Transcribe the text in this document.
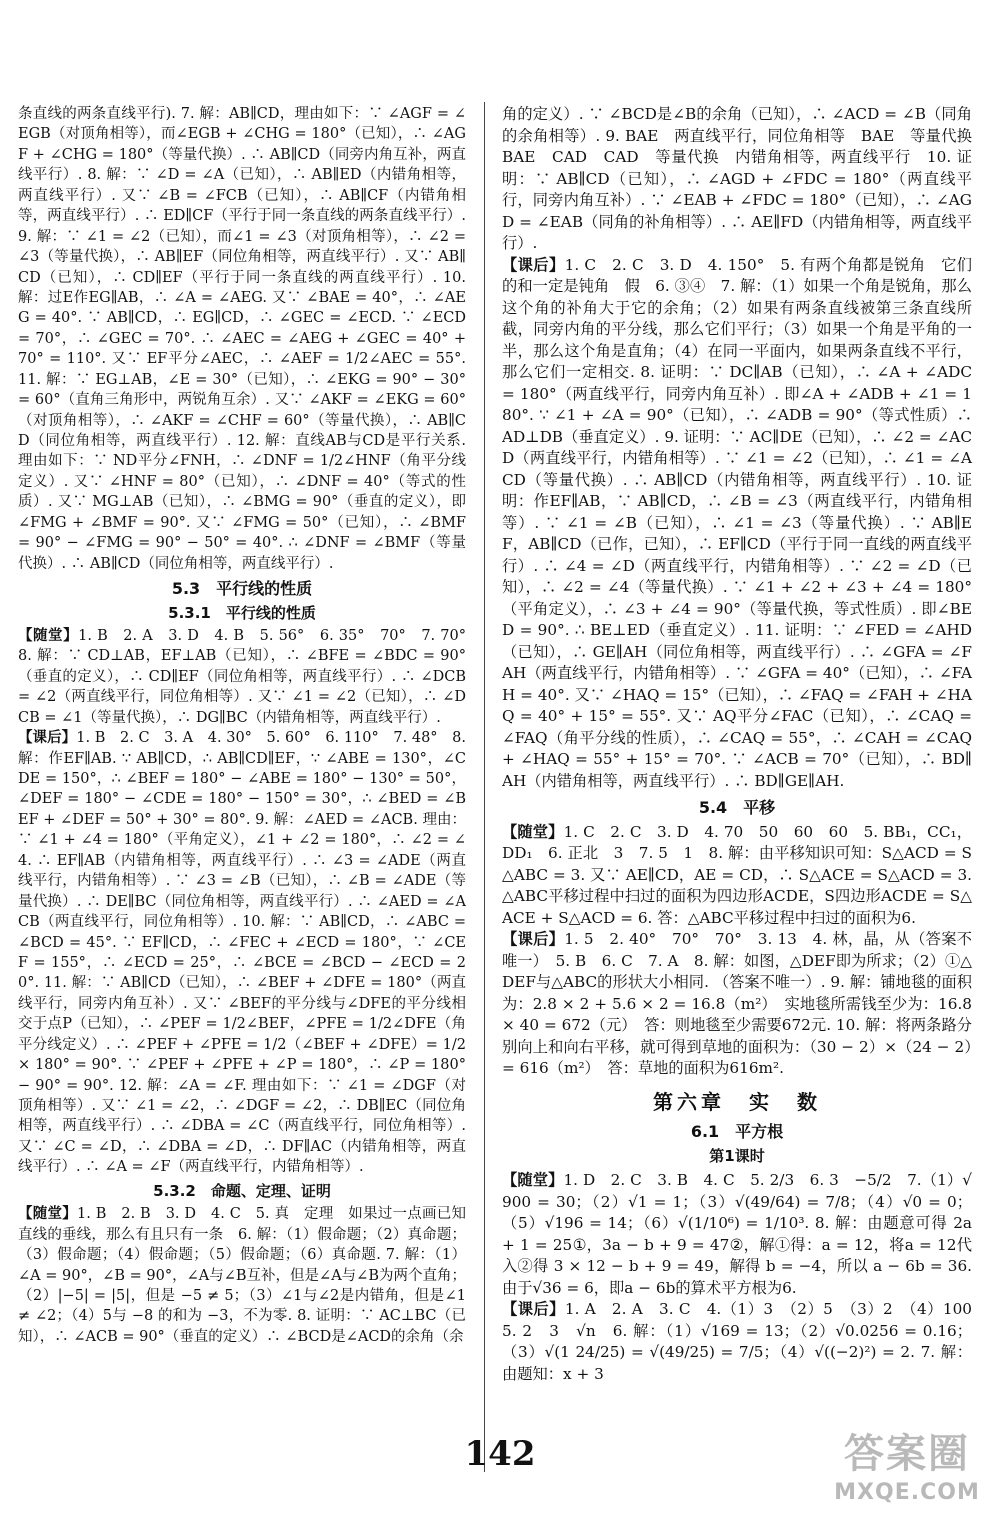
条直线的两条直线平行). 7. 解：AB∥CD，理由如下：∵ ∠AGF = ∠EGB（对顶角相等），而∠EGB + ∠CHG = 180°（已知），∴ ∠AGF + ∠CHG = 180°（等量代换）. ∴ AB∥CD（同旁内角互补，两直线平行）. 8. 解：∵ ∠D = ∠A（已知），∴ AB∥ED（内错角相等，两直线平行）. 又∵ ∠B = ∠FCB（已知），∴ AB∥CF（内错角相等，两直线平行）. ∴ ED∥CF（平行于同一条直线的两条直线平行）. 9. 解：∵ ∠1 = ∠2（已知），而∠1 = ∠3（对顶角相等），∴ ∠2 = ∠3（等量代换），∴ AB∥EF（同位角相等，两直线平行）. 又∵ AB∥CD（已知），∴ CD∥EF（平行于同一条直线的两直线平行）. 10. 解：过E作EG∥AB，∴ ∠A = ∠AEG. 又∵ ∠BAE = 40°，∴ ∠AEG = 40°. ∵ AB∥CD，∴ EG∥CD，∴ ∠GEC = ∠ECD. ∵ ∠ECD = 70°，∴ ∠GEC = 70°. ∴ ∠AEC = ∠AEG + ∠GEC = 40° + 70° = 110°. 又∵ EF平分∠AEC，∴ ∠AEF = 1/2∠AEC = 55°. 11. 解：∵ EG⊥AB，∠E = 30°（已知），∴ ∠EKG = 90° − 30° = 60°（直角三角形中，两锐角互余）. 又∵ ∠AKF = ∠EKG = 60°（对顶角相等），∴ ∠AKF = ∠CHF = 60°（等量代换），∴ AB∥CD（同位角相等，两直线平行）. 12. 解：直线AB与CD是平行关系. 理由如下：∵ ND平分∠FNH，∴ ∠DNF = 1/2∠HNF（角平分线定义）. 又∵ ∠HNF = 80°（已知），∴ ∠DNF = 40°（等式的性质）. 又∵ MG⊥AB（已知），∴ ∠BMG = 90°（垂直的定义），即∠FMG + ∠BMF = 90°. 又∵ ∠FMG = 50°（已知），∴ ∠BMF = 90° − ∠FMG = 90° − 50° = 40°. ∴ ∠DNF = ∠BMF（等量代换）. ∴ AB∥CD（同位角相等，两直线平行）.

5.3　平行线的性质
5.3.1　平行线的性质

【随堂】1. B　2. A　3. D　4. B　5. 56°　6. 35°　70°　7. 70°　8. 解：∵ CD⊥AB，EF⊥AB（已知），∴ ∠BFE = ∠BDC = 90°（垂直的定义），∴ CD∥EF（同位角相等，两直线平行）. ∴ ∠DCB = ∠2（两直线平行，同位角相等）. 又∵ ∠1 = ∠2（已知），∴ ∠DCB = ∠1（等量代换），∴ DG∥BC（内错角相等，两直线平行）.

【课后】1. B　2. C　3. A　4. 30°　5. 60°　6. 110°　7. 48°　8. 解：作EF∥AB. ∵ AB∥CD，∴ AB∥CD∥EF，∵ ∠ABE = 130°，∠CDE = 150°，∴ ∠BEF = 180° − ∠ABE = 180° − 130° = 50°，∠DEF = 180° − ∠CDE = 180° − 150° = 30°，∴ ∠BED = ∠BEF + ∠DEF = 50° + 30° = 80°. 9. 解：∠AED = ∠ACB. 理由：∵ ∠1 + ∠4 = 180°（平角定义），∠1 + ∠2 = 180°，∴ ∠2 = ∠4. ∴ EF∥AB（内错角相等，两直线平行）. ∴ ∠3 = ∠ADE（两直线平行，内错角相等）. ∵ ∠3 = ∠B（已知），∴ ∠B = ∠ADE（等量代换）. ∴ DE∥BC（同位角相等，两直线平行）. ∴ ∠AED = ∠ACB（两直线平行，同位角相等）. 10. 解：∵ AB∥CD，∴ ∠ABC = ∠BCD = 45°. ∵ EF∥CD，∴ ∠FEC + ∠ECD = 180°，∵ ∠CEF = 155°，∴ ∠ECD = 25°，∴ ∠BCE = ∠BCD − ∠ECD = 20°. 11. 解：∵ AB∥CD（已知），∴ ∠BEF + ∠DFE = 180°（两直线平行，同旁内角互补）. 又∵ ∠BEF的平分线与∠DFE的平分线相交于点P（已知），∴ ∠PEF = 1/2∠BEF，∠PFE = 1/2∠DFE（角平分线定义）. ∴ ∠PEF + ∠PFE = 1/2（∠BEF + ∠DFE）= 1/2 × 180° = 90°. ∵ ∠PEF + ∠PFE + ∠P = 180°，∴ ∠P = 180° − 90° = 90°. 12. 解：∠A = ∠F. 理由如下：∵ ∠1 = ∠DGF（对顶角相等）. 又∵ ∠1 = ∠2，∴ ∠DGF = ∠2，∴ DB∥EC（同位角相等，两直线平行）. ∴ ∠DBA = ∠C（两直线平行，同位角相等）. 又∵ ∠C = ∠D，∴ ∠DBA = ∠D，∴ DF∥AC（内错角相等，两直线平行）. ∴ ∠A = ∠F（两直线平行，内错角相等）.

5.3.2　命题、定理、证明

【随堂】1. B　2. B　3. D　4. C　5. 真　定理　如果过一点画已知直线的垂线，那么有且只有一条　6. 解：（1）假命题；（2）真命题；（3）假命题；（4）假命题；（5）假命题；（6）真命题. 7. 解：（1）∠A = 90°，∠B = 90°，∠A与∠B互补，但是∠A与∠B为两个直角；（2）|−5| = |5|，但是 −5 ≠ 5；（3）∠1与∠2是内错角，但是∠1 ≠ ∠2；（4）5与 −8 的和为 −3，不为零. 8. 证明：∵ AC⊥BC（已知），∴ ∠ACB = 90°（垂直的定义）∴ ∠BCD是∠ACD的余角（余

角的定义）. ∵ ∠BCD是∠B的余角（已知），∴ ∠ACD = ∠B（同角的余角相等）. 9. BAE　两直线平行，同位角相等　BAE　等量代换　BAE　CAD　CAD　等量代换　内错角相等，两直线平行　10. 证明：∵ AB∥CD（已知），∴ ∠AGD + ∠FDC = 180°（两直线平行，同旁内角互补）. ∵ ∠EAB + ∠FDC = 180°（已知），∴ ∠AGD = ∠EAB（同角的补角相等）. ∴ AE∥FD（内错角相等，两直线平行）.

【课后】1. C　2. C　3. D　4. 150°　5. 有两个角都是锐角　它们的和一定是钝角　假　6. ③④　7. 解：（1）如果一个角是锐角，那么这个角的补角大于它的余角；（2）如果有两条直线被第三条直线所截，同旁内角的平分线，那么它们平行；（3）如果一个角是平角的一半，那么这个角是直角；（4）在同一平面内，如果两条直线不平行，那么它们一定相交. 8. 证明：∵ DC∥AB（已知），∴ ∠A + ∠ADC = 180°（两直线平行，同旁内角互补）. 即∠A + ∠ADB + ∠1 = 180°. ∵ ∠1 + ∠A = 90°（已知），∴ ∠ADB = 90°（等式性质）∴ AD⊥DB（垂直定义）. 9. 证明：∵ AC∥DE（已知），∴ ∠2 = ∠ACD（两直线平行，内错角相等）. ∵ ∠1 = ∠2（已知），∴ ∠1 = ∠ACD（等量代换）. ∴ AB∥CD（内错角相等，两直线平行）. 10. 证明：作EF∥AB，∵ AB∥CD，∴ ∠B = ∠3（两直线平行，内错角相等）. ∵ ∠1 = ∠B（已知），∴ ∠1 = ∠3（等量代换）. ∵ AB∥EF，AB∥CD（已作，已知），∴ EF∥CD（平行于同一直线的两直线平行）. ∴ ∠4 = ∠D（两直线平行，内错角相等）. ∵ ∠2 = ∠D（已知），∴ ∠2 = ∠4（等量代换）. ∵ ∠1 + ∠2 + ∠3 + ∠4 = 180°（平角定义），∴ ∠3 + ∠4 = 90°（等量代换，等式性质）. 即∠BED = 90°. ∴ BE⊥ED（垂直定义）. 11. 证明：∵ ∠FED = ∠AHD（已知），∴ GE∥AH（同位角相等，两直线平行）. ∴ ∠GFA = ∠FAH（两直线平行，内错角相等）. ∵ ∠GFA = 40°（已知），∴ ∠FAH = 40°. 又∵ ∠HAQ = 15°（已知），∴ ∠FAQ = ∠FAH + ∠HAQ = 40° + 15° = 55°. 又∵ AQ平分∠FAC（已知），∴ ∠CAQ = ∠FAQ（角平分线的性质），∴ ∠CAQ = 55°，∴ ∠CAH = ∠CAQ + ∠HAQ = 55° + 15° = 70°. ∵ ∠ACB = 70°（已知），∴ BD∥AH（内错角相等，两直线平行）. ∴ BD∥GE∥AH.

5.4　平移

【随堂】1. C　2. C　3. D　4. 70　50　60　60　5. BB₁，CC₁，DD₁　6. 正北　3　7. 5　1　8. 解：由平移知识可知：S△ACD = S△ABC = 3. 又∵ AE∥CD，AE = CD，∴ S△ACE = S△ACD = 3. △ABC平移过程中扫过的面积为四边形ACDE，S四边形ACDE = S△ACE + S△ACD = 6. 答：△ABC平移过程中扫过的面积为6.

【课后】1. 5　2. 40°　70°　70°　3. 13　4. 林，晶，从（答案不唯一）　5. B　6. C　7. A　8. 解：如图，△DEF即为所求；（2）①△DEF与△ABC的形状大小相同. （答案不唯一）. 9. 解：铺地毯的面积为：2.8 × 2 + 5.6 × 2 = 16.8（m²）　实地毯所需钱至少为：16.8 × 40 = 672（元）　答：则地毯至少需要672元. 10. 解：将两条路分别向上和向右平移，就可得到草地的面积为：（30 − 2）×（24 − 2）= 616（m²）　答：草地的面积为616m².

第六章　实　数
6.1　平方根
第1课时

【随堂】1. D　2. C　3. B　4. C　5. 2/3　6. 3　−5/2　7.（1）√900 = 30；（2）√1 = 1；（3）√(49/64) = 7/8；（4）√0 = 0；（5）√196 = 14；（6）√(1/10⁶) = 1/10³. 8. 解：由题意可得 2a + 1 = 25①，3a − b + 9 = 47②，解①得：a = 12，将a = 12代入②得 3 × 12 − b + 9 = 49，解得 b = −4，所以 a − 6b = 36. 由于√36 = 6，即a − 6b的算术平方根为6.

【课后】1. A　2. A　3. C　4.（1）3　（2）5　（3）2　（4）100　5. 2　3　√n　6. 解：（1）√169 = 13；（2）√0.0256 = 0.16；（3）√(1 24/25) = √(49/25) = 7/5；（4）√((−2)²) = 2. 7. 解：由题知：x + 3

142	答案圈
MXQE.COM
